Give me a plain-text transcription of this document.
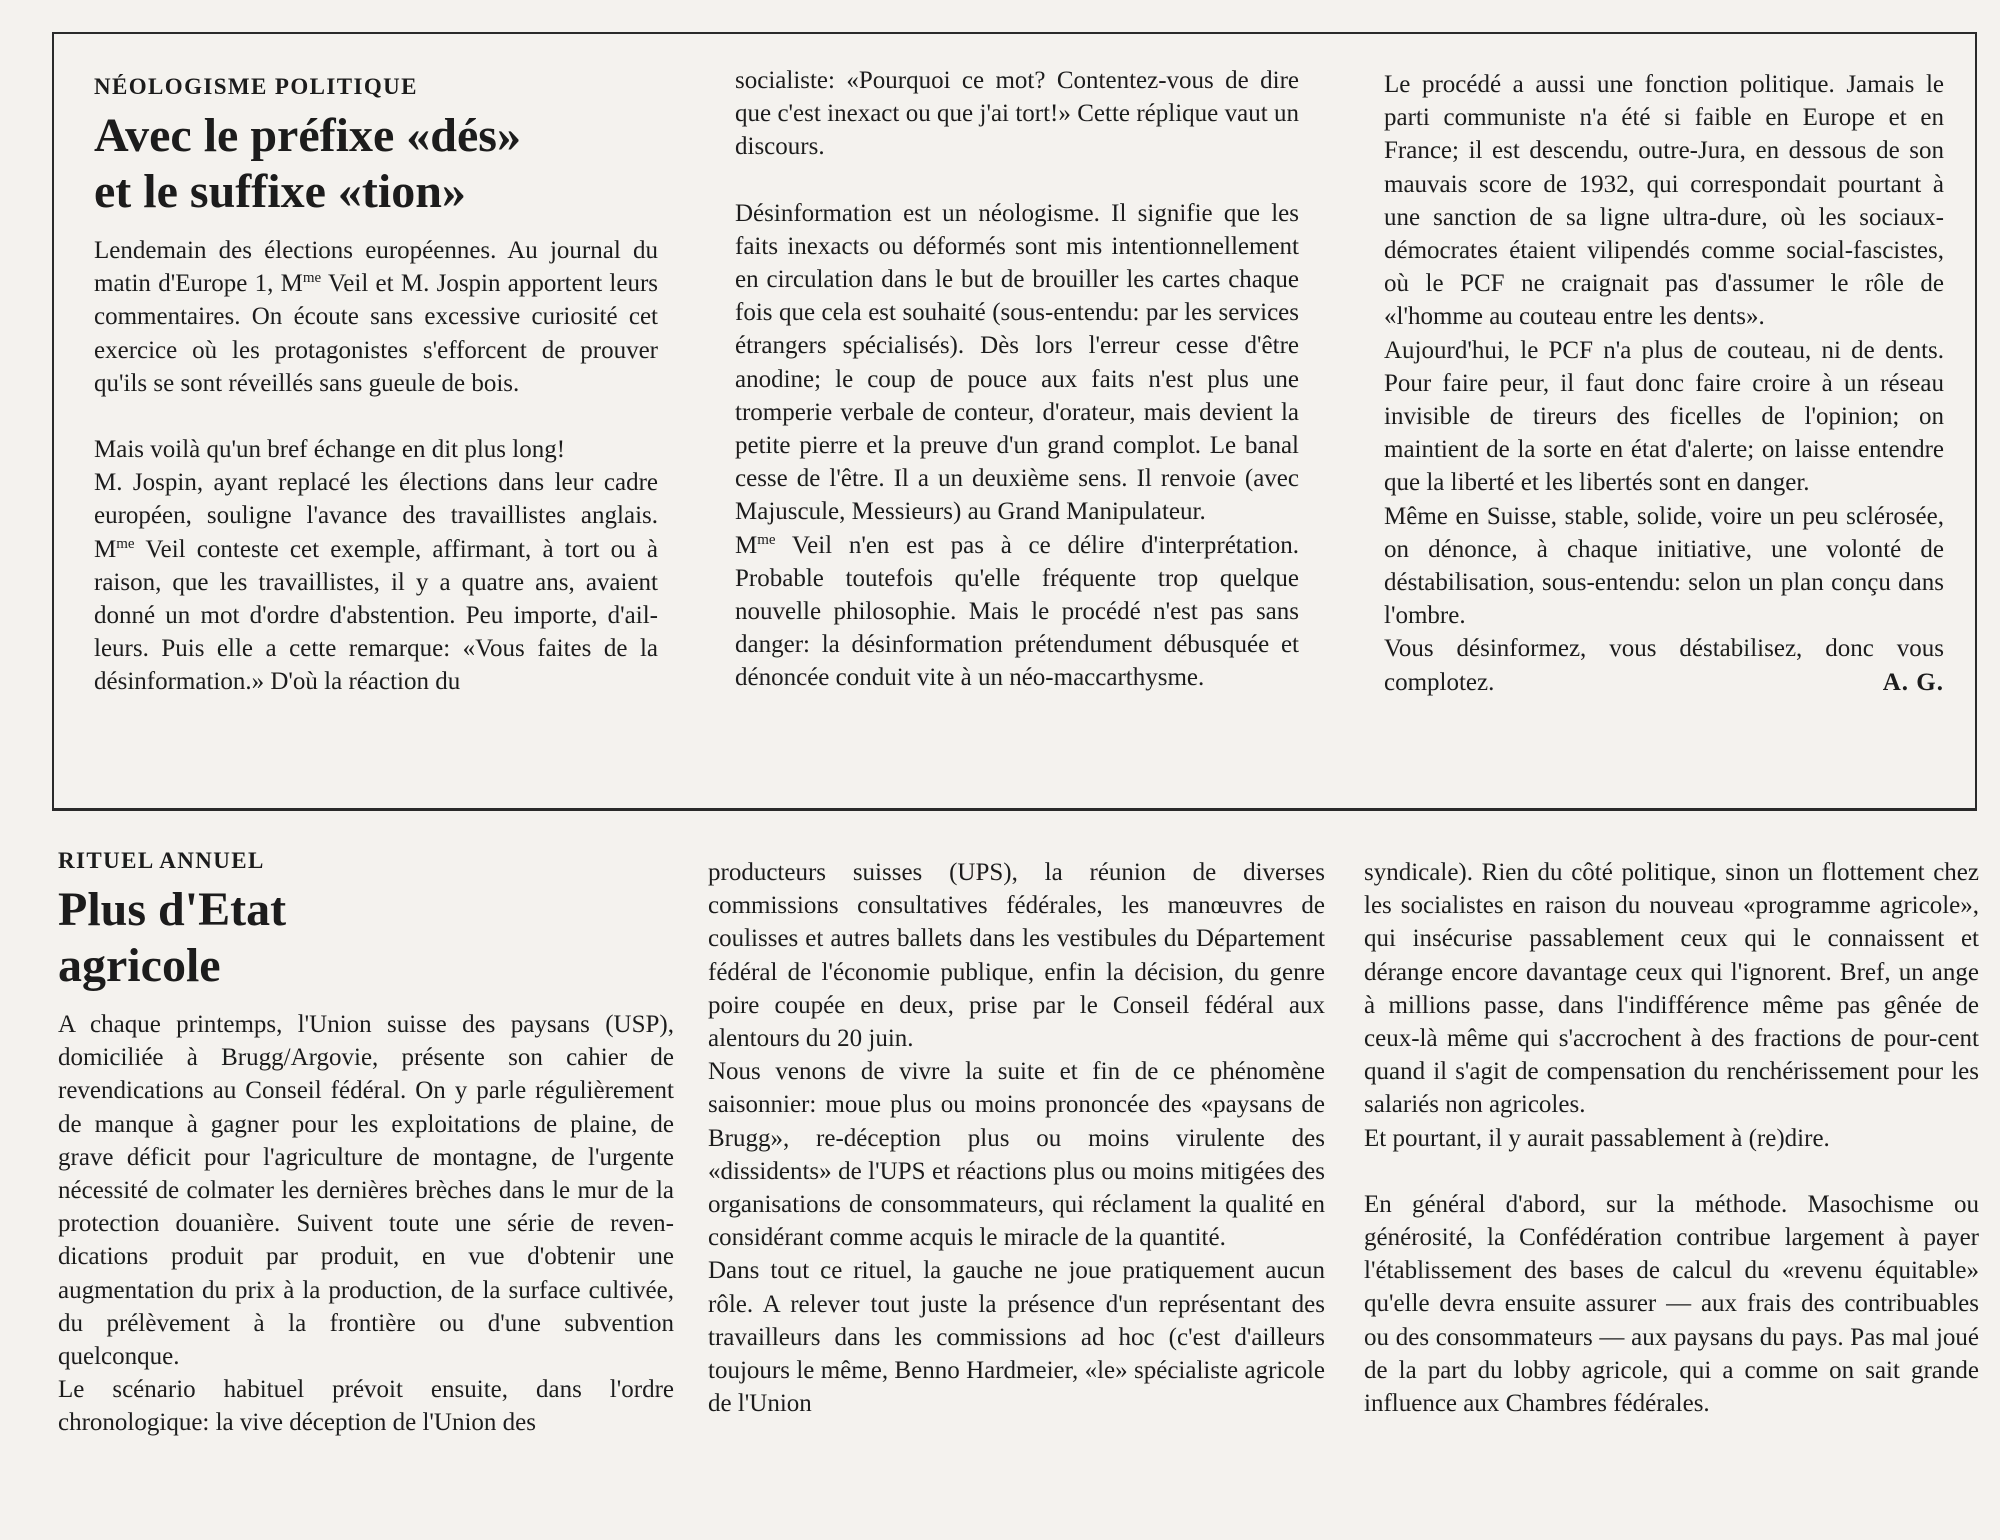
NÉOLOGISME POLITIQUE
Avec le préfixe «dés»
et le suffixe «tion»

Lendemain des élections européennes. Au journal du matin d'Europe 1, $M^{me}$ Veil et M. Jospin apportent leurs commentaires. On écoute sans excessive curiosité cet exercice où les protagonistes s'efforcent de prouver qu'ils se sont réveillés sans gueule de bois.

Mais voilà qu'un bref échange en dit plus long!

M. Jospin, ayant replacé les élections dans leur cadre européen, souligne l'avance des travaillistes anglais. $M^{me}$ Veil conteste cet exemple, affirmant, à tort ou à raison, que les travaillistes, il y a quatre ans, avaient donné un mot d'ordre d'abstention. Peu importe, d'ailleurs. Puis elle a cette remarque: «Vous faites de la désinformation.» D'où la réaction du

socialiste: «Pourquoi ce mot? Contentez-vous de dire que c'est inexact ou que j'ai tort!» Cette réplique vaut un discours.

Désinformation est un néologisme. Il signifie que les faits inexacts ou déformés sont mis intentionnellement en circulation dans le but de brouiller les cartes chaque fois que cela est souhaité (sous-entendu: par les services étrangers spécialisés). Dès lors l'erreur cesse d'être anodine; le coup de pouce aux faits n'est plus une tromperie verbale de conteur, d'orateur, mais devient la petite pierre et la preuve d'un grand complot. Le banal cesse de l'être. Il a un deuxième sens. Il renvoie (avec Majuscule, Messieurs) au Grand Manipulateur.

$M^{me}$ Veil n'en est pas à ce délire d'interprétation. Probable toutefois qu'elle fréquente trop quelque nouvelle philosophie. Mais le procédé n'est pas sans danger: la désinformation prétendument débusquée et dénoncée conduit vite à un néo-maccarthysme.

Le procédé a aussi une fonction politique. Jamais le parti communiste n'a été si faible en Europe et en France; il est descendu, outre-Jura, en dessous de son mauvais score de 1932, qui correspondait pourtant à une sanction de sa ligne ultra-dure, où les sociaux-démocrates étaient vilipendés comme social-fascistes, où le PCF ne craignait pas d'assumer le rôle de «l'homme au couteau entre les dents».

Aujourd'hui, le PCF n'a plus de couteau, ni de dents. Pour faire peur, il faut donc faire croire à un réseau invisible de tireurs des ficelles de l'opinion; on maintient de la sorte en état d'alerte; on laisse entendre que la liberté et les libertés sont en danger.

Même en Suisse, stable, solide, voire un peu sclérosée, on dénonce, à chaque initiative, une volonté de déstabilisation, sous-entendu: selon un plan conçu dans l'ombre.

Vous désinformez, vous déstabilisez, donc vous complotez.	A. G.

RITUEL ANNUEL
Plus d'Etat
agricole

A chaque printemps, l'Union suisse des paysans (USP), domiciliée à Brugg/Argovie, présente son cahier de revendications au Conseil fédéral. On y parle régulièrement de manque à gagner pour les exploitations de plaine, de grave déficit pour l'agriculture de montagne, de l'urgente nécessité de colmater les dernières brèches dans le mur de la protection douanière. Suivent toute une série de revendications produit par produit, en vue d'obtenir une augmentation du prix à la production, de la surface cultivée, du prélèvement à la frontière ou d'une subvention quelconque.

Le scénario habituel prévoit ensuite, dans l'ordre chronologique: la vive déception de l'Union des

producteurs suisses (UPS), la réunion de diverses commissions consultatives fédérales, les manœuvres de coulisses et autres ballets dans les vestibules du Département fédéral de l'économie publique, enfin la décision, du genre poire coupée en deux, prise par le Conseil fédéral aux alentours du 20 juin.

Nous venons de vivre la suite et fin de ce phénomène saisonnier: moue plus ou moins prononcée des «paysans de Brugg», re-déception plus ou moins virulente des «dissidents» de l'UPS et réactions plus ou moins mitigées des organisations de consommateurs, qui réclament la qualité en considérant comme acquis le miracle de la quantité.

Dans tout ce rituel, la gauche ne joue pratiquement aucun rôle. A relever tout juste la présence d'un représentant des travailleurs dans les commissions ad hoc (c'est d'ailleurs toujours le même, Benno Hardmeier, «le» spécialiste agricole de l'Union

syndicale). Rien du côté politique, sinon un flottement chez les socialistes en raison du nouveau «programme agricole», qui insécurise passablement ceux qui le connaissent et dérange encore davantage ceux qui l'ignorent. Bref, un ange à millions passe, dans l'indifférence même pas gênée de ceux-là même qui s'accrochent à des fractions de pour-cent quand il s'agit de compensation du renchérissement pour les salariés non agricoles.

Et pourtant, il y aurait passablement à (re)dire.

En général d'abord, sur la méthode. Masochisme ou générosité, la Confédération contribue largement à payer l'établissement des bases de calcul du «revenu équitable» qu'elle devra ensuite assurer — aux frais des contribuables ou des consommateurs — aux paysans du pays. Pas mal joué de la part du lobby agricole, qui a comme on sait grande influence aux Chambres fédérales.
